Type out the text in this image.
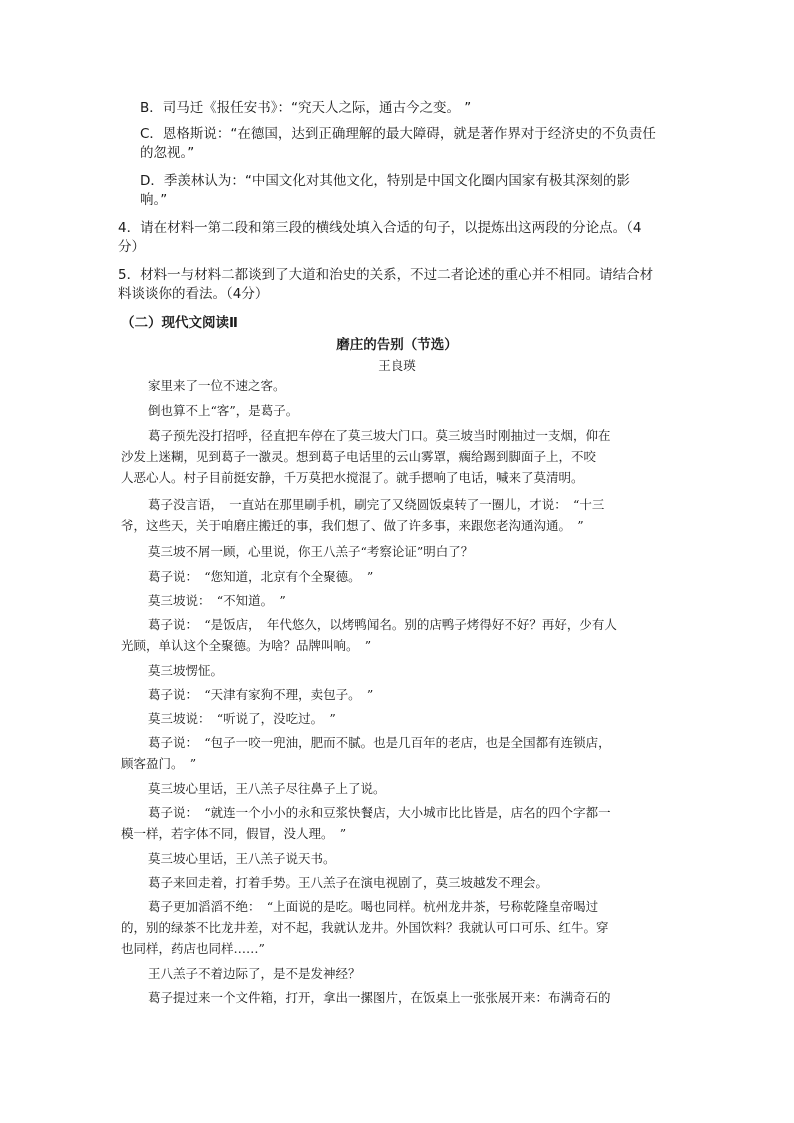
B．司马迁《报任安书》：“究天人之际，通古今之变。 ”
C．恩格斯说：“在德国，达到正确理解的最大障碍，就是著作界对于经济史的不负责任
的忽视。”
D．季羡林认为：“中国文化对其他文化，特别是中国文化圈内国家有极其深刻的影
响。”
4．请在材料一第二段和第三段的横线处填入合适的句子，以提炼出这两段的分论点。（4
分）
5．材料一与材料二都谈到了大道和治史的关系，不过二者论述的重心并不相同。请结合材
料谈谈你的看法。（4分）
（二）现代文阅读Ⅱ
磨庄的告别（节选）
王良瑛
家里来了一位不速之客。
倒也算不上“客”，是葛子。
葛子预先没打招呼，径直把车停在了莫三坡大门口。莫三坡当时刚抽过一支烟，仰在
沙发上迷糊，见到葛子一激灵。想到葛子电话里的云山雾罩，瘸给踢到脚面子上，不咬
人恶心人。村子目前挺安静，千万莫把水搅混了。就手摁响了电话，喊来了莫清明。
葛子没言语，　一直站在那里刷手机，刷完了又绕圆饭桌转了一圈儿，才说：　“十三
爷，这些天，关于咱磨庄搬迁的事，我们想了、做了许多事，来跟您老沟通沟通。　”
莫三坡不屑一顾，心里说，你王八羔子“考察论证”明白了？
葛子说：　“您知道，北京有个全聚德。　”
莫三坡说：　“不知道。　”
葛子说：　“是饭店，　年代悠久，以烤鸭闻名。别的店鸭子烤得好不好？再好，少有人
光顾，单认这个全聚德。为啥？品牌叫响。　”
莫三坡愣怔。
葛子说：　“天津有家狗不理，卖包子。　”
莫三坡说：　“听说了，没吃过。　”
葛子说：　“包子一咬一兜油，肥而不腻。也是几百年的老店，也是全国都有连锁店，
顾客盈门。　”
莫三坡心里话，王八羔子尽往鼻子上了说。
葛子说：　“就连一个小小的永和豆浆快餐店，大小城市比比皆是，店名的四个字都一
模一样，若字体不同，假冒，没人理。　”
莫三坡心里话，王八羔子说天书。
葛子来回走着，打着手势。王八羔子在演电视剧了，莫三坡越发不理会。
葛子更加滔滔不绝：　“上面说的是吃。喝也同样。杭州龙井茶，号称乾隆皇帝喝过
的，别的绿茶不比龙井差，对不起，我就认龙井。外国饮料？我就认可口可乐、红牛。穿
也同样，药店也同样……”
王八羔子不着边际了，是不是发神经？
葛子提过来一个文件箱，打开，拿出一摞图片，在饭桌上一张张展开来：布满奇石的
